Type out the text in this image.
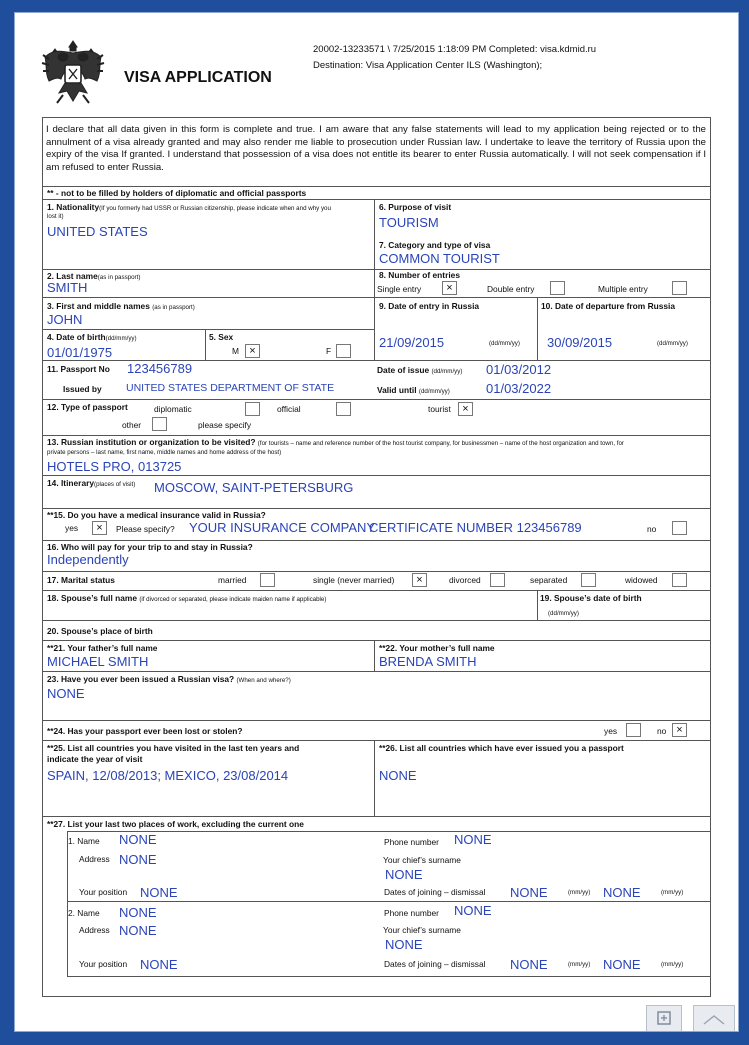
VISA APPLICATION
20002-13233571 \ 7/25/2015 1:18:09 PM Completed: visa.kdmid.ru
Destination: Visa Application Center ILS (Washington);
I declare that all data given in this form is complete and true. I am aware that any false statements will lead to my application being rejected or to the annulment of a visa already granted and may also render me liable to prosecution under Russian law. I undertake to leave the territory of Russia upon the expiry of the visa If granted. I understand that possession of a visa does not entitle its bearer to enter Russia automatically. I will not seek compensation if I am refused to enter Russia.
** - not to be filled by holders of diplomatic and official passports
1. Nationality(If you formerly had USSR or Russian citizenship, please indicate when and why you
lost it)
UNITED STATES
6. Purpose of visit
TOURISM
7. Category and type of visa
COMMON TOURIST
2. Last name(as in passport)
SMITH
8. Number of entries
Single entry	×	Double entry	Multiple entry
3. First and middle names (as in passport)
JOHN
9. Date of entry in Russia
21/09/2015	(dd/mm/yy)
10. Date of departure from Russia
30/09/2015	(dd/mm/yy)
4. Date of birth(dd/mm/yy)
01/01/1975
5. Sex
M ×	F
11. Passport No 123456789
Issued by UNITED STATES DEPARTMENT OF STATE
Date of issue (dd/mm/yy) 01/03/2012
Valid until (dd/mm/yy)	01/03/2022
12. Type of passport	diplomatic	official	tourist	×
other	please specify
13. Russian institution or organization to be visited? (for tourists – name and reference number of the host tourist company, for businessmen – name of the host organization and town, for
private persons – last name, first name, middle names and home address of the host)
HOTELS PRO, 013725
14. Itinerary(places of visit) MOSCOW, SAINT-PETERSBURG
**15. Do you have a medical insurance valid in Russia?
yes	×	Please specify? YOUR INSURANCE COMPANY
CERTIFICATE NUMBER 123456789	no
16. Who will pay for your trip to and stay in Russia?
Independently
17. Marital status	married	single (never married)	×	divorced	separated	widowed
18. Spouse’s full name (if divorced or separated, please indicate maiden name if applicable)	19. Spouse’s date of birth
(dd/mm/yy)
20. Spouse’s place of birth
**21. Your father’s full name
MICHAEL SMITH
**22. Your mother’s full name
BRENDA SMITH
23. Have you ever been issued a Russian visa? (When and where?)
NONE
**24. Has your passport ever been lost or stolen?	yes	no ×
**25. List all countries you have visited in the last ten years and
indicate the year of visit
SPAIN, 12/08/2013; MEXICO, 23/08/2014
**26. List all countries which have ever issued you a passport
NONE
**27. List your last two places of work, excluding the current one
1. Name NONE
Address NONE
Your position NONE
Phone number NONE
Your chief’s surname
NONE
Dates of joining – dismissal NONE	(mm/yy) NONE	(mm/yy)
2. Name NONE
Address NONE
Your position NONE
Phone number NONE
Your chief’s surname
NONE
Dates of joining – dismissal NONE	(mm/yy) NONE	(mm/yy)
